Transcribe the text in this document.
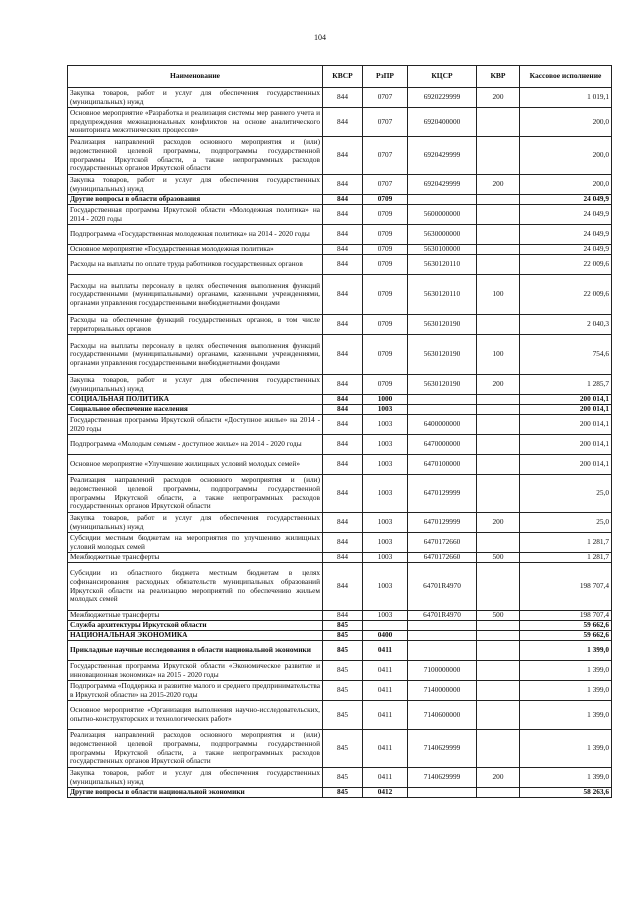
104
Наименование	КВСР	РзПР	КЦСР	КВР	Кассовое исполнение
Закупка товаров, работ и услуг для обеспечения государственных (муниципальных) нужд	844	0707	6920229999	200	1 019,1
Основное мероприятие «Разработка и реализация системы мер раннего учета и предупреждения межнациональных конфликтов на основе аналитического мониторинга межэтнических процессов»	844	0707	6920400000		200,0
Реализация направлений расходов основного мероприятия и (или) ведомственной целевой программы, подпрограммы государственной программы Иркутской области, а также непрограммных расходов государственных органов Иркутской области	844	0707	6920429999		200,0
Закупка товаров, работ и услуг для обеспечения государственных (муниципальных) нужд	844	0707	6920429999	200	200,0
Другие вопросы в области образования	844	0709			24 049,9
Государственная программа Иркутской области «Молодежная политика» на 2014 - 2020 годы	844	0709	5600000000		24 049,9
Подпрограмма «Государственная молодежная политика» на 2014 - 2020 годы	844	0709	5630000000		24 049,9
Основное мероприятие «Государственная молодежная политика»	844	0709	5630100000		24 049,9
Расходы на выплаты по оплате труда работников государственных органов	844	0709	5630120110		22 009,6
Расходы на выплаты персоналу в целях обеспечения выполнения функций государственными (муниципальными) органами, казенными учреждениями, органами управления государственными внебюджетными фондами	844	0709	5630120110	100	22 009,6
Расходы на обеспечение функций государственных органов, в том числе территориальных органов	844	0709	5630120190		2 040,3
Расходы на выплаты персоналу в целях обеспечения выполнения функций государственными (муниципальными) органами, казенными учреждениями, органами управления государственными внебюджетными фондами	844	0709	5630120190	100	754,6
Закупка товаров, работ и услуг для обеспечения государственных (муниципальных) нужд	844	0709	5630120190	200	1 285,7
СОЦИАЛЬНАЯ ПОЛИТИКА	844	1000			200 014,1
Социальное обеспечение населения	844	1003			200 014,1
Государственная программа Иркутской области «Доступное жилье» на 2014 - 2020 годы	844	1003	6400000000		200 014,1
Подпрограмма «Молодым семьям - доступное жилье» на 2014 - 2020 годы	844	1003	6470000000		200 014,1
Основное мероприятие «Улучшение жилищных условий молодых семей»	844	1003	6470100000		200 014,1
Реализация направлений расходов основного мероприятия и (или) ведомственной целевой программы, подпрограммы государственной программы Иркутской области, а также непрограммных расходов государственных органов Иркутской области	844	1003	6470129999		25,0
Закупка товаров, работ и услуг для обеспечения государственных (муниципальных) нужд	844	1003	6470129999	200	25,0
Субсидии местным бюджетам на мероприятия по улучшению жилищных условий молодых семей	844	1003	6470172660		1 281,7
Межбюджетные трансферты	844	1003	6470172660	500	1 281,7
Субсидии из областного бюджета местным бюджетам в целях софинансирования расходных обязательств муниципальных образований Иркутской области на реализацию мероприятий по обеспечению жильем молодых семей	844	1003	64701R4970		198 707,4
Межбюджетные трансферты	844	1003	64701R4970	500	198 707,4
Служба архитектуры Иркутской области	845				59 662,6
НАЦИОНАЛЬНАЯ ЭКОНОМИКА	845	0400			59 662,6
Прикладные научные исследования в области национальной экономики	845	0411			1 399,0
Государственная программа Иркутской области «Экономическое развитие и инновационная экономика» на 2015 - 2020 годы	845	0411	7100000000		1 399,0
Подпрограмма «Поддержка и развитие малого и среднего предпринимательства в Иркутской области» на 2015-2020 годы	845	0411	7140000000		1 399,0
Основное мероприятие «Организация выполнения научно-исследовательских, опытно-конструкторских и технологических работ»	845	0411	7140600000		1 399,0
Реализация направлений расходов основного мероприятия и (или) ведомственной целевой программы, подпрограммы государственной программы Иркутской области, а также непрограммных расходов государственных органов Иркутской области	845	0411	7140629999		1 399,0
Закупка товаров, работ и услуг для обеспечения государственных (муниципальных) нужд	845	0411	7140629999	200	1 399,0
Другие вопросы в области национальной экономики	845	0412			58 263,6
